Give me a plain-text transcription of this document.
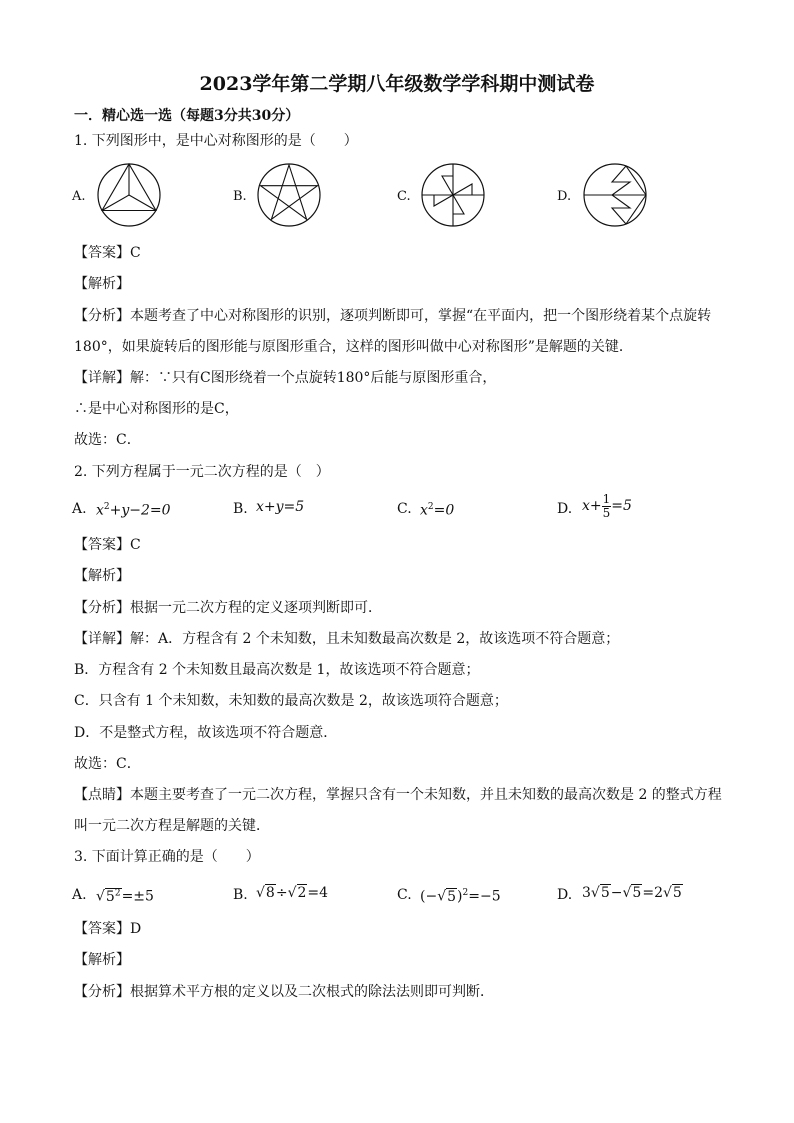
2023学年第二学期八年级数学学科期中测试卷
一．精心选一选（每题3分共30分）
1. 下列图形中，是中心对称图形的是（　　）
A.	B.	C.	D.
【答案】C
【解析】
【分析】本题考查了中心对称图形的识别，逐项判断即可，掌握“在平面内，把一个图形绕着某个点旋转
180°，如果旋转后的图形能与原图形重合，这样的图形叫做中心对称图形”是解题的关键．
【详解】解：∵只有C图形绕着一个点旋转180°后能与原图形重合，
∴是中心对称图形的是C，
故选：C．
2. 下列方程属于一元二次方程的是（　）
A. $x^2+y-2=0$	B. x+y=5	C. $x^2=0$	D. $x+ \frac{1}{5} =5$
【答案】C
【解析】
【分析】根据一元二次方程的定义逐项判断即可．
【详解】解：A．方程含有 2 个未知数，且未知数最高次数是 2，故该选项不符合题意；
B．方程含有 2 个未知数且最高次数是 1，故该选项不符合题意；
C．只含有 1 个未知数，未知数的最高次数是 2，故该选项符合题意；
D．不是整式方程，故该选项不符合题意．
故选：C．
【点睛】本题主要考查了一元二次方程，掌握只含有一个未知数，并且未知数的最高次数是 2 的整式方程
叫一元二次方程是解题的关键．
3. 下面计算正确的是（　　）
A. $√5^2=\pm 5$	B. √8÷√2=4	C. $(-√5)^2=-5$	D. 3√5−√5=2√5
【答案】D
【解析】
【分析】根据算术平方根的定义以及二次根式的除法法则即可判断．
